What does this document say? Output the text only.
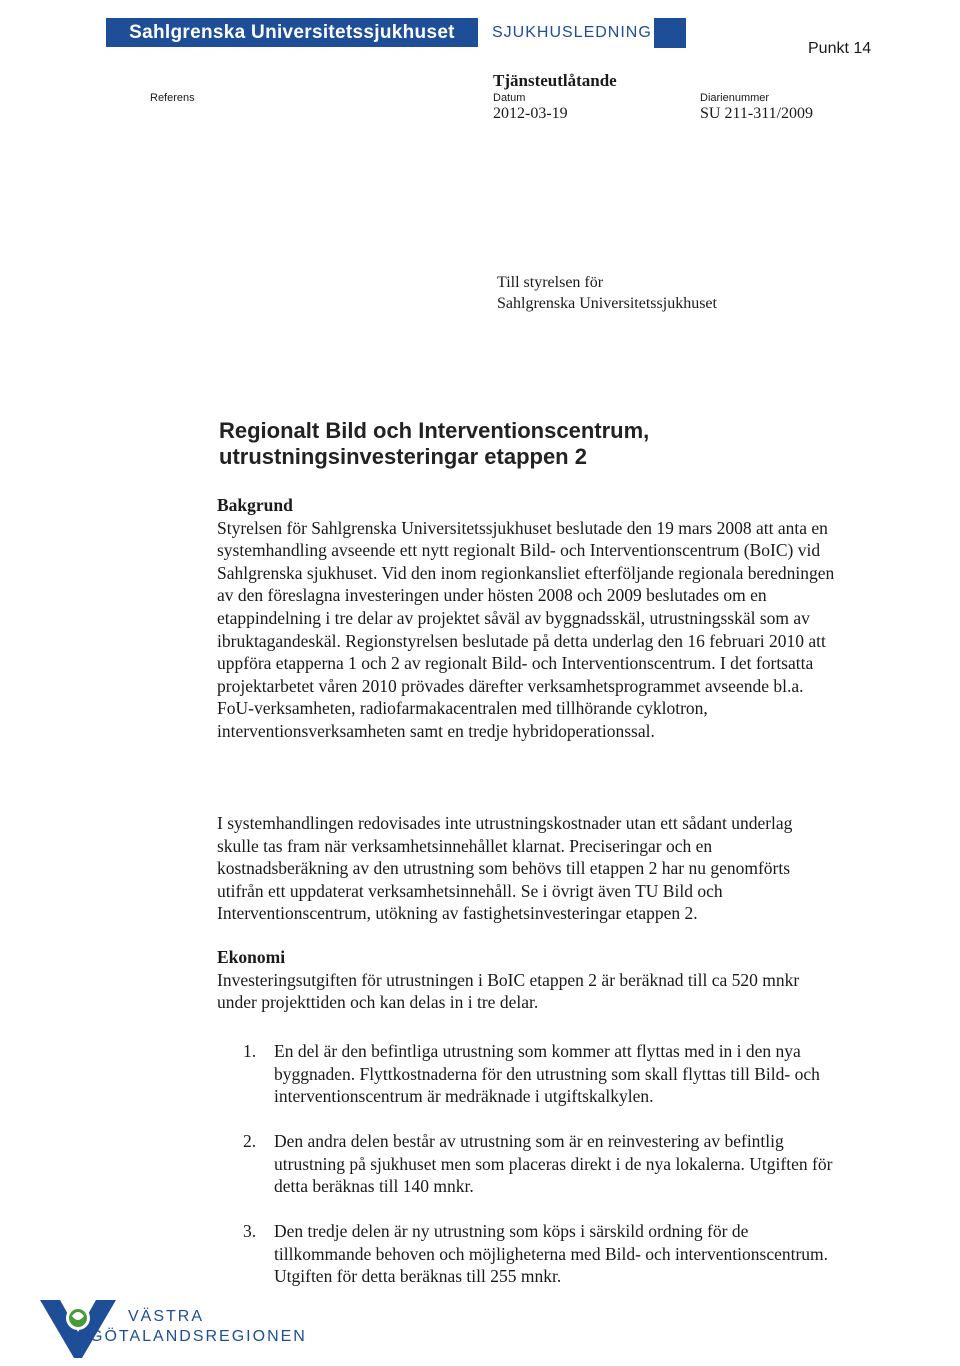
Sahlgrenska Universitetssjukhuset	SJUKHUSLEDNING
Punkt 14
Referens
Tjänsteutlåtande
Datum
2012-03-19
Diarienummer
SU 211-311/2009
Till styrelsen för
Sahlgrenska Universitetssjukhuset
Regionalt Bild och Interventionscentrum,
utrustningsinvesteringar etappen 2
Bakgrund

Styrelsen för Sahlgrenska Universitetssjukhuset beslutade den 19 mars 2008 att anta en systemhandling avseende ett nytt regionalt Bild- och Interventionscentrum (BoIC) vid Sahlgrenska sjukhuset. Vid den inom regionkansliet efterföljande regionala beredningen av den föreslagna investeringen under hösten 2008 och 2009 beslutades om en etappindelning i tre delar av projektet såväl av byggnadsskäl, utrustningsskäl som av ibruktagandeskäl. Regionstyrelsen beslutade på detta underlag den 16 februari 2010 att uppföra etapperna 1 och 2 av regionalt Bild- och Interventionscentrum. I det fortsatta projektarbetet våren 2010 prövades därefter verksamhetsprogrammet avseende bl.a. FoU-verksamheten, radiofarmakacentralen med tillhörande cyklotron, interventionsverksamheten samt en tredje hybridoperationssal.

I systemhandlingen redovisades inte utrustningskostnader utan ett sådant underlag skulle tas fram när verksamhetsinnehållet klarnat. Preciseringar och en kostnadsberäkning av den utrustning som behövs till etappen 2 har nu genomförts utifrån ett uppdaterat verksamhetsinnehåll. Se i övrigt även TU Bild och Interventionscentrum, utökning av fastighetsinvesteringar etappen 2.

Ekonomi

Investeringsutgiften för utrustningen i BoIC etappen 2 är beräknad till ca 520 mnkr under projekttiden och kan delas in i tre delar.

1.	En del är den befintliga utrustning som kommer att flyttas med in i den nya byggnaden. Flyttkostnaderna för den utrustning som skall flyttas till Bild- och interventionscentrum är medräknade i utgiftskalkylen.
2.	Den andra delen består av utrustning som är en reinvestering av befintlig utrustning på sjukhuset men som placeras direkt i de nya lokalerna. Utgiften för detta beräknas till 140 mnkr.
3.	Den tredje delen är ny utrustning som köps i särskild ordning för de tillkommande behoven och möjligheterna med Bild- och interventionscentrum. Utgiften för detta beräknas till 255 mnkr.
VÄSTRA
GÖTALANDSREGIONEN
